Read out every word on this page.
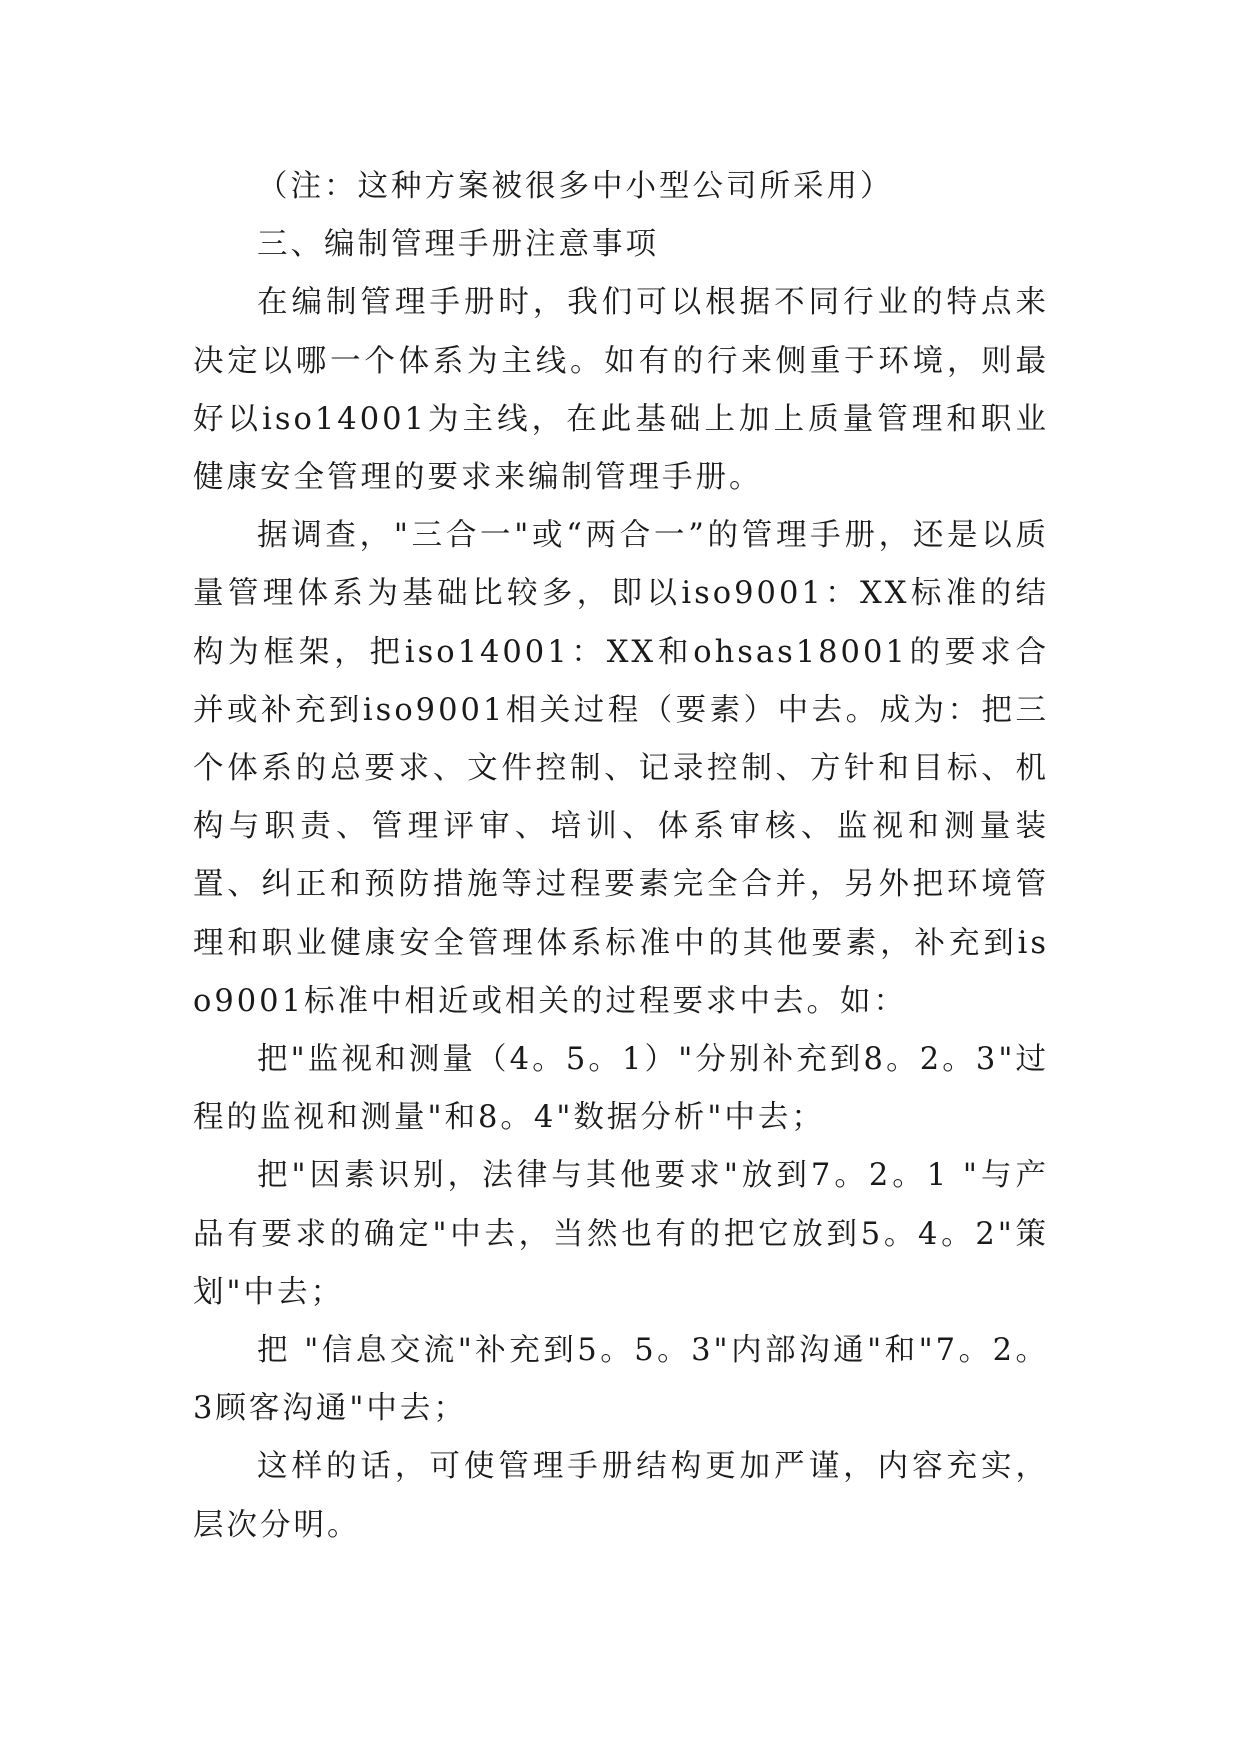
（注：这种方案被很多中小型公司所采用）

三、编制管理手册注意事项

在编制管理手册时，我们可以根据不同行业的特点来决定以哪一个体系为主线。如有的行来侧重于环境，则最好以iso14001为主线，在此基础上加上质量管理和职业健康安全管理的要求来编制管理手册。

据调查，"三合一"或“两合一”的管理手册，还是以质量管理体系为基础比较多，即以iso9001：XX标准的结构为框架，把iso14001：XX和ohsas18001的要求合并或补充到iso9001相关过程（要素）中去。成为：把三个体系的总要求、文件控制、记录控制、方针和目标、机构与职责、管理评审、培训、体系审核、监视和测量装置、纠正和预防措施等过程要素完全合并，另外把环境管理和职业健康安全管理体系标准中的其他要素，补充到iso9001标准中相近或相关的过程要求中去。如：

把"监视和测量（4。5。1）"分别补充到8。2。3"过程的监视和测量"和8。4"数据分析"中去；

把"因素识别，法律与其他要求"放到7。2。1 "与产品有要求的确定"中去，当然也有的把它放到5。4。2"策划"中去；

把 "信息交流"补充到5。5。3"内部沟通"和"7。2。3顾客沟通"中去；

这样的话，可使管理手册结构更加严谨，内容充实，层次分明。
